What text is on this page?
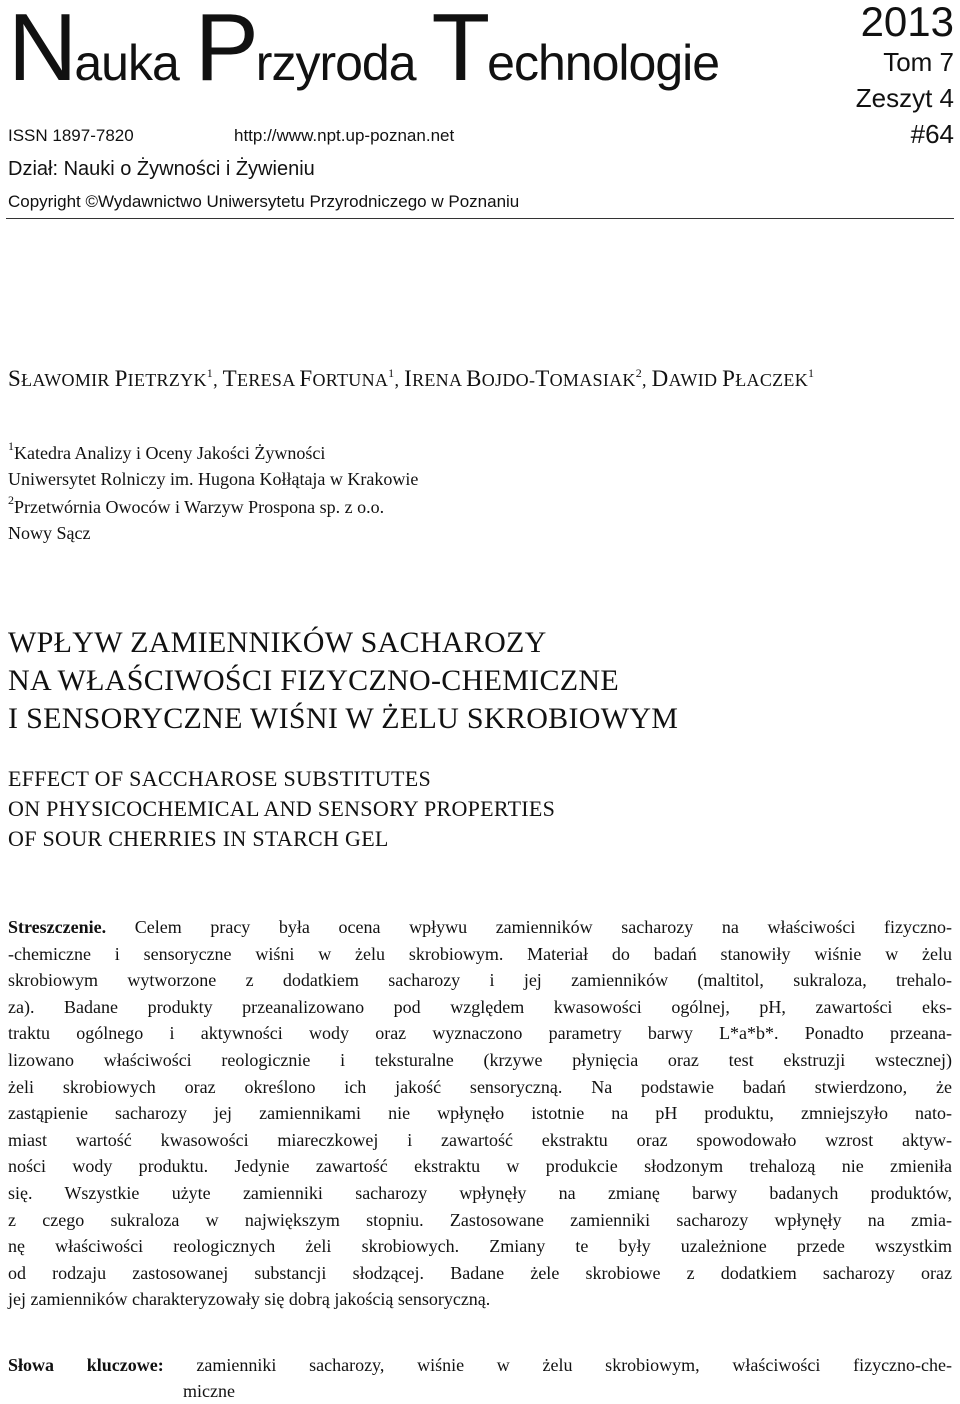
Nauka Przyroda Technologie
2013
Tom 7
Zeszyt 4
#64
ISSN 1897-7820	http://www.npt.up-poznan.net
Dział: Nauki o Żywności i Żywieniu
Copyright ©Wydawnictwo Uniwersytetu Przyrodniczego w Poznaniu
SŁAWOMIR PIETRZYK$^1$, TERESA FORTUNA$^1$, IRENA BOJDO-TOMASIAK$^2$, DAWID PŁACZEK$^1$
$^1$Katedra Analizy i Oceny Jakości Żywności
Uniwersytet Rolniczy im. Hugona Kołłątaja w Krakowie
$^2$Przetwórnia Owoców i Warzyw Prospona sp. z o.o.
Nowy Sącz
WPŁYW ZAMIENNIKÓW SACHAROZY
NA WŁAŚCIWOŚCI FIZYCZNO-CHEMICZNE
I SENSORYCZNE WIŚNI W ŻELU SKROBIOWYM
EFFECT OF SACCHAROSE SUBSTITUTES
ON PHYSICOCHEMICAL AND SENSORY PROPERTIES
OF SOUR CHERRIES IN STARCH GEL
Streszczenie. Celem pracy była ocena wpływu zamienników sacharozy na właściwości fizyczno-
-chemiczne i sensoryczne wiśni w żelu skrobiowym. Materiał do badań stanowiły wiśnie w żelu
skrobiowym wytworzone z dodatkiem sacharozy i jej zamienników (maltitol, sukraloza, trehalo-
za). Badane produkty przeanalizowano pod względem kwasowości ogólnej, pH, zawartości eks-
traktu ogólnego i aktywności wody oraz wyznaczono parametry barwy L*a*b*. Ponadto przeana-
lizowano właściwości reologicznie i teksturalne (krzywe płynięcia oraz test ekstruzji wstecznej)
żeli skrobiowych oraz określono ich jakość sensoryczną. Na podstawie badań stwierdzono, że
zastąpienie sacharozy jej zamiennikami nie wpłynęło istotnie na pH produktu, zmniejszyło nato-
miast wartość kwasowości miareczkowej i zawartość ekstraktu oraz spowodowało wzrost aktyw-
ności wody produktu. Jedynie zawartość ekstraktu w produkcie słodzonym trehalozą nie zmieniła
się. Wszystkie użyte zamienniki sacharozy wpłynęły na zmianę barwy badanych produktów,
z czego sukraloza w największym stopniu. Zastosowane zamienniki sacharozy wpłynęły na zmia-
nę właściwości reologicznych żeli skrobiowych. Zmiany te były uzależnione przede wszystkim
od rodzaju zastosowanej substancji słodzącej. Badane żele skrobiowe z dodatkiem sacharozy oraz
jej zamienników charakteryzowały się dobrą jakością sensoryczną.
Słowa kluczowe: zamienniki sacharozy, wiśnie w żelu skrobiowym, właściwości fizyczno-che-
miczne
